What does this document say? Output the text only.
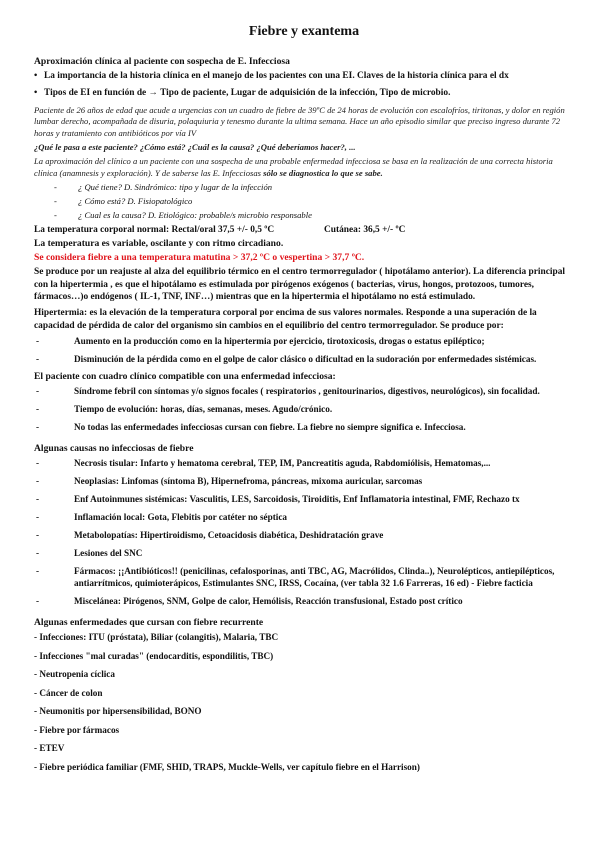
Fiebre y exantema
Aproximación clínica al paciente con sospecha de E. Infecciosa
• La importancia de la historia clínica en el manejo de los pacientes con una EI. Claves de la historia clínica para el dx
• Tipos de EI en función de → Tipo de paciente, Lugar de adquisición de la infección, Tipo de microbio.
Paciente de 26 años de edad que acude a urgencias con un cuadro de fiebre de 39ºC de 24 horas de evolución con escalofríos, tiritonas, y dolor en región lumbar derecho, acompañada de disuria, polaquiuria y tenesmo durante la ultima semana. Hace un año episodio similar que preciso ingreso durante 72 horas y tratamiento con antibióticos por vía IV
¿Qué le pasa a este paciente? ¿Cómo está? ¿Cuál es la causa? ¿Qué deberíamos hacer?, ...
La aproximación del clínico a un paciente con una sospecha de una probable enfermedad infecciosa se basa en la realización de una correcta historia clínica (anamnesis y exploración). Y de saberse las E. Infecciosas sólo se diagnostica lo que se sabe.
- ¿ Qué tiene? D. Sindrómico: tipo y lugar de la infección
- ¿ Cómo está? D. Fisiopatológico
- ¿ Cual es la causa? D. Etiológico: probable/s microbio responsable
La temperatura corporal normal: Rectal/oral 37,5 +/- 0,5 ºC	Cutánea: 36,5 +/- ºC
La temperatura es variable, oscilante y con ritmo circadiano.
Se considera fiebre a una temperatura matutina > 37,2 ºC o vespertina > 37,7 ºC.
Se produce por un reajuste al alza del equilibrio térmico en el centro termorregulador ( hipotálamo anterior). La diferencia principal con la hipertermia , es que el hipotálamo es estimulada por pirógenos exógenos ( bacterias, virus, hongos, protozoos, tumores, fármacos…)o endógenos ( IL-1, TNF, INF…) mientras que en la hipertermia el hipotálamo no está estimulado.
Hipertermia: es la elevación de la temperatura corporal por encima de sus valores normales. Responde a una superación de la capacidad de pérdida de calor del organismo sin cambios en el equilibrio del centro termorregulador. Se produce por:
- Aumento en la producción como en la hipertermia por ejercicio, tirotoxicosis, drogas o estatus epiléptico;
- Disminución de la pérdida como en el golpe de calor clásico o dificultad en la sudoración por enfermedades sistémicas.
El paciente con cuadro clínico compatible con una enfermedad infecciosa:
- Síndrome febril con síntomas y/o signos focales ( respiratorios , genitourinarios, digestivos, neurológicos), sin focalidad.
- Tiempo de evolución: horas, días, semanas, meses. Agudo/crónico.
- No todas las enfermedades infecciosas cursan con fiebre. La fiebre no siempre significa e. Infecciosa.
Algunas causas no infecciosas de fiebre
- Necrosis tisular: Infarto y hematoma cerebral, TEP, IM, Pancreatitis aguda, Rabdomiólisis, Hematomas,...
- Neoplasias: Linfomas (síntoma B), Hipernefroma, páncreas, mixoma auricular, sarcomas
- Enf Autoinmunes sistémicas: Vasculitis, LES, Sarcoidosis, Tiroiditis, Enf Inflamatoria intestinal, FMF, Rechazo tx
- Inflamación local: Gota, Flebitis por catéter no séptica
- Metabolopatías: Hipertiroidismo, Cetoacidosis diabética, Deshidratación grave
- Lesiones del SNC
- Fármacos: ¡¡Antibióticos!! (penicilinas, cefalosporinas, anti TBC, AG, Macrólidos, Clinda..), Neurolépticos, antiepilépticos, antiarrítmicos, quimioterápicos, Estimulantes SNC, IRSS, Cocaína, (ver tabla 32 1.6 Farreras, 16 ed) - Fiebre facticia
- Miscelánea: Pirógenos, SNM, Golpe de calor, Hemólisis, Reacción transfusional, Estado post crítico
Algunas enfermedades que cursan con fiebre recurrente
- Infecciones: ITU (próstata), Biliar (colangitis), Malaria, TBC
- Infecciones "mal curadas" (endocarditis, espondilitis, TBC)
- Neutropenia cíclica
- Cáncer de colon
- Neumonitis por hipersensibilidad, BONO
- Fiebre por fármacos
- ETEV
- Fiebre periódica familiar (FMF, SHID, TRAPS, Muckle-Wells, ver capítulo fiebre en el Harrison)
